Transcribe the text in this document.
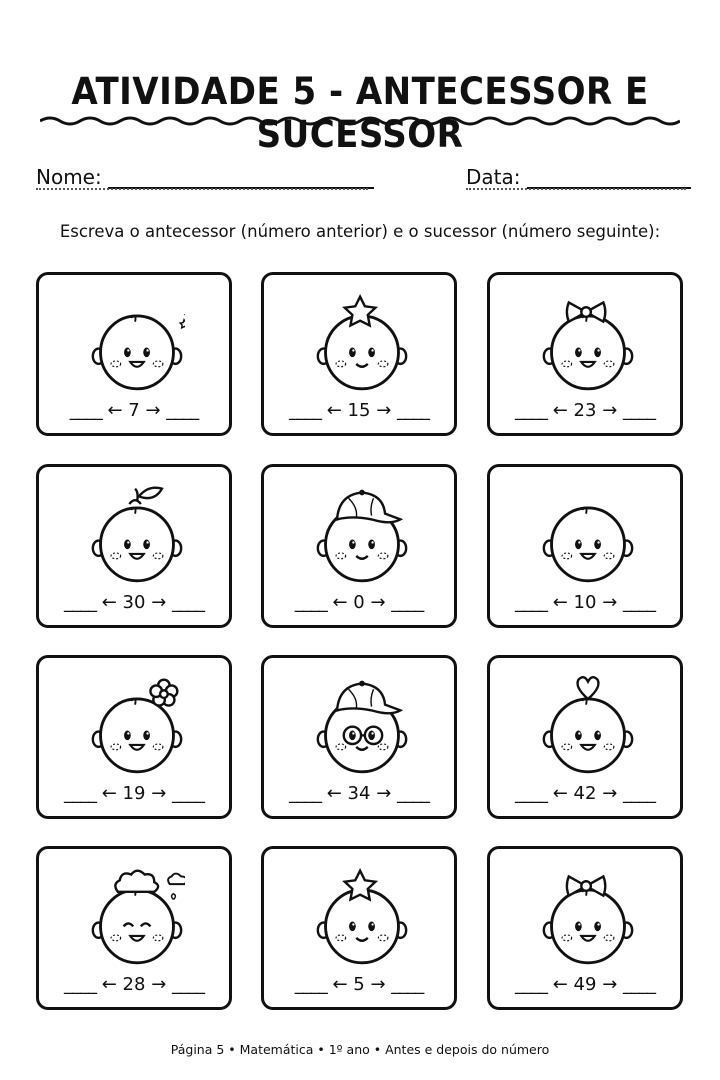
ATIVIDADE 5 - ANTECESSOR E SUCESSOR
Nome:	Data:
Escreva o antecessor (número anterior) e o sucessor (número seguinte):
____ ← 7 → ____	____ ← 15 → ____	____ ← 23 → ____
____ ← 30 → ____	____ ← 0 → ____	____ ← 10 → ____
____ ← 19 → ____	____ ← 34 → ____	____ ← 42 → ____
____ ← 28 → ____	____ ← 5 → ____	____ ← 49 → ____
Página 5 • Matemática • 1º ano • Antes e depois do número
